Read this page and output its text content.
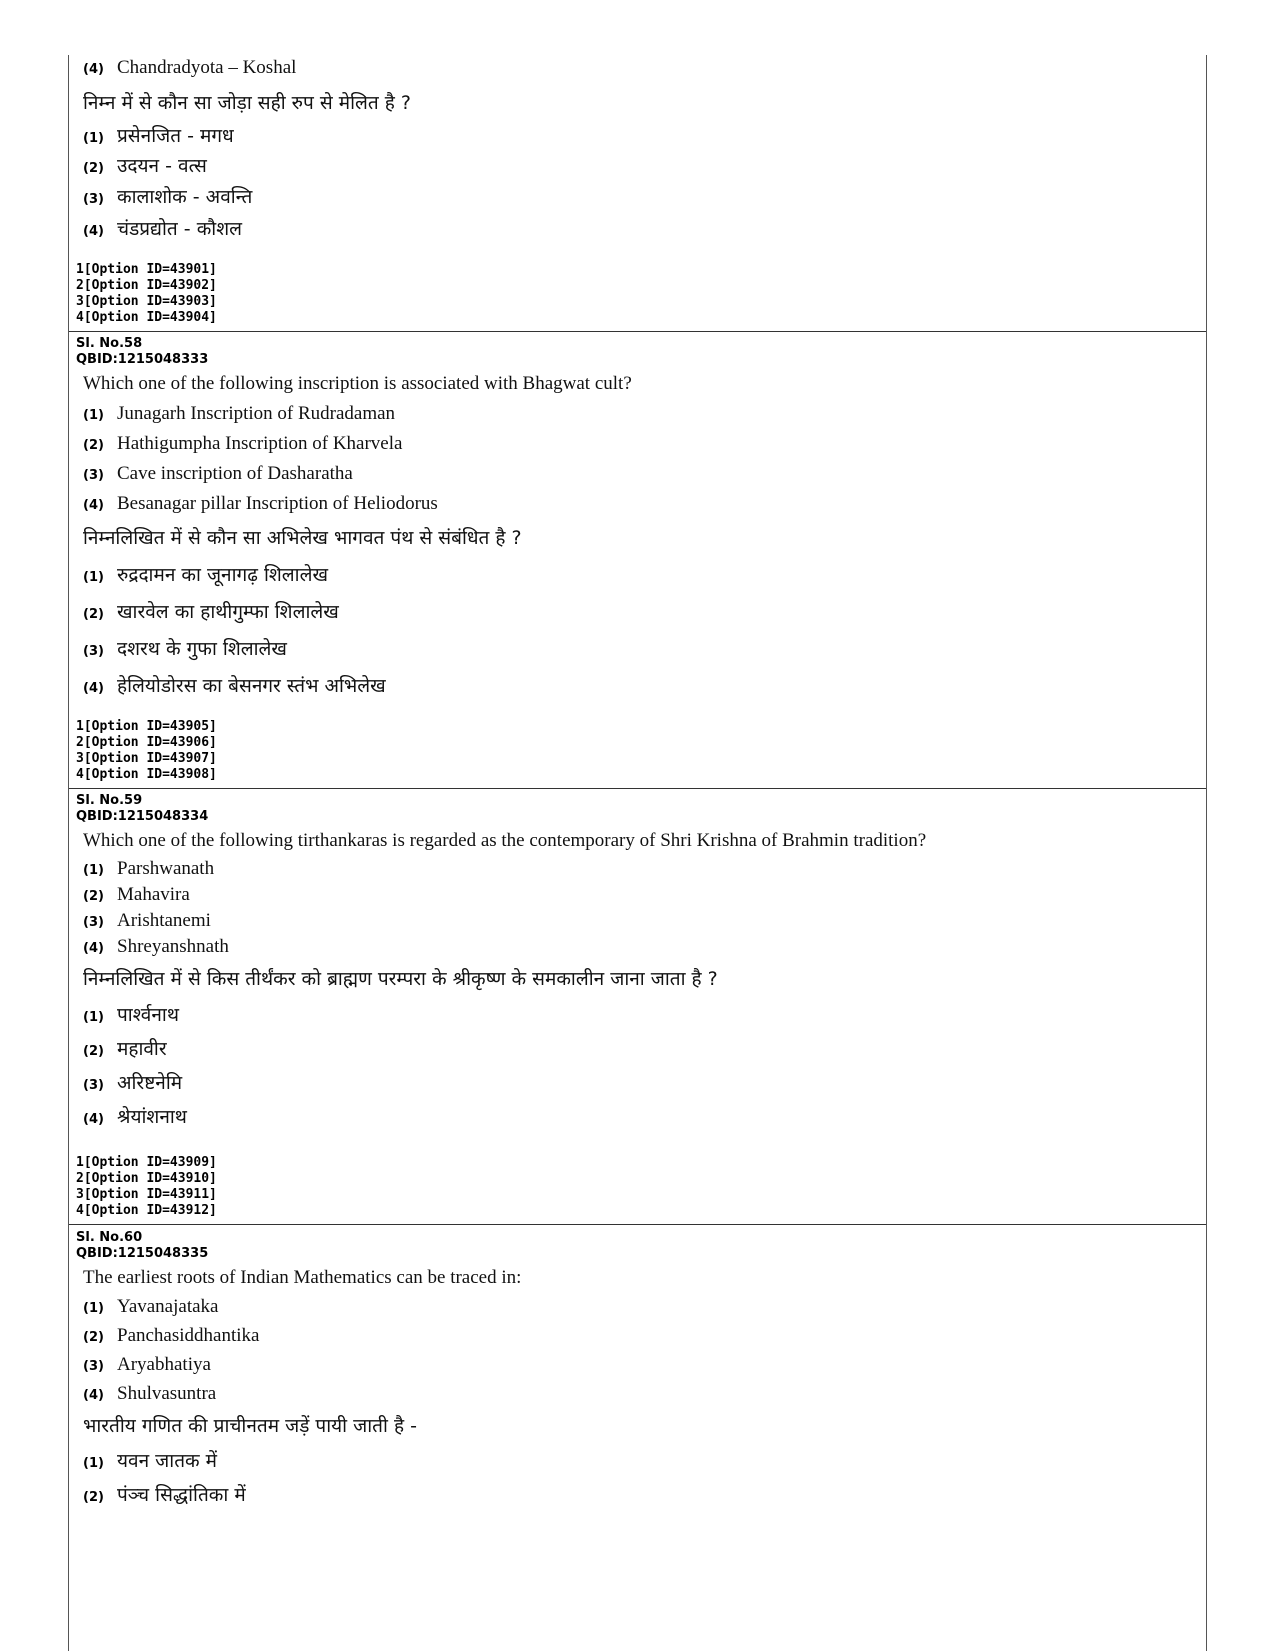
(4) Chandradyota – Koshal
निम्न में से कौन सा जोड़ा सही रुप से मेलित है ?
(1) प्रसेनजित - मगध
(2) उदयन - वत्स
(3) कालाशोक - अवन्ति
(4) चंडप्रद्योत - कौशल
1[Option ID=43901]
2[Option ID=43902]
3[Option ID=43903]
4[Option ID=43904]
Sl. No.58
QBID:1215048333
Which one of the following inscription is associated with Bhagwat cult?
(1) Junagarh Inscription of Rudradaman
(2) Hathigumpha Inscription of Kharvela
(3) Cave inscription of Dasharatha
(4) Besanagar pillar Inscription of Heliodorus
निम्नलिखित में से कौन सा अभिलेख भागवत पंथ से संबंधित है ?
(1) रुद्रदामन का जूनागढ़ शिलालेख
(2) खारवेल का हाथीगुम्फा शिलालेख
(3) दशरथ के गुफा शिलालेख
(4) हेलियोडोरस का बेसनगर स्तंभ अभिलेख
1[Option ID=43905]
2[Option ID=43906]
3[Option ID=43907]
4[Option ID=43908]
Sl. No.59
QBID:1215048334
Which one of the following tirthankaras is regarded as the contemporary of Shri Krishna of Brahmin tradition?
(1) Parshwanath
(2) Mahavira
(3) Arishtanemi
(4) Shreyanshnath
निम्नलिखित में से किस तीर्थंकर को ब्राह्मण परम्परा के श्रीकृष्ण के समकालीन जाना जाता है ?
(1) पार्श्वनाथ
(2) महावीर
(3) अरिष्टनेमि
(4) श्रेयांशनाथ
1[Option ID=43909]
2[Option ID=43910]
3[Option ID=43911]
4[Option ID=43912]
Sl. No.60
QBID:1215048335
The earliest roots of Indian Mathematics can be traced in:
(1) Yavanajataka
(2) Panchasiddhantika
(3) Aryabhatiya
(4) Shulvasuntra
भारतीय गणित की प्राचीनतम जड़ें पायी जाती है -
(1) यवन जातक में
(2) पंञ्च सिद्धांतिका में
